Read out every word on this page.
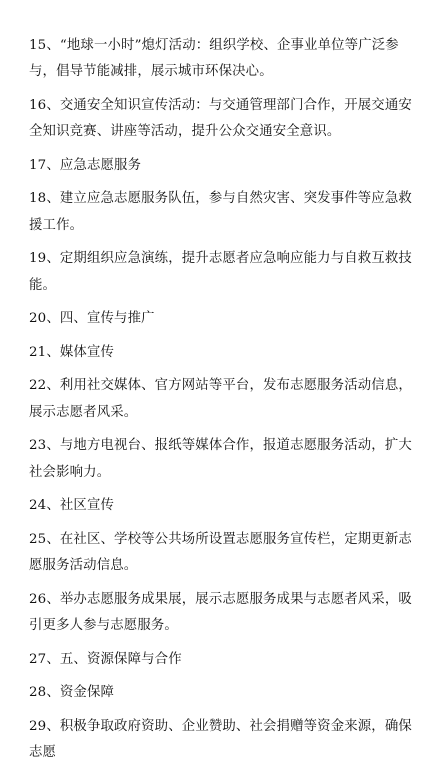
15、“地球一小时”熄灯活动：组织学校、企事业单位等广泛参与，倡导节能减排，展示城市环保决心。

16、交通安全知识宣传活动：与交通管理部门合作，开展交通安全知识竞赛、讲座等活动，提升公众交通安全意识。

17、应急志愿服务

18、建立应急志愿服务队伍，参与自然灾害、突发事件等应急救援工作。

19、定期组织应急演练，提升志愿者应急响应能力与自救互救技能。

20、四、宣传与推广

21、媒体宣传

22、利用社交媒体、官方网站等平台，发布志愿服务活动信息，展示志愿者风采。

23、与地方电视台、报纸等媒体合作，报道志愿服务活动，扩大社会影响力。

24、社区宣传

25、在社区、学校等公共场所设置志愿服务宣传栏，定期更新志愿服务活动信息。

26、举办志愿服务成果展，展示志愿服务成果与志愿者风采，吸引更多人参与志愿服务。

27、五、资源保障与合作

28、资金保障

29、积极争取政府资助、企业赞助、社会捐赠等资金来源，确保志愿
